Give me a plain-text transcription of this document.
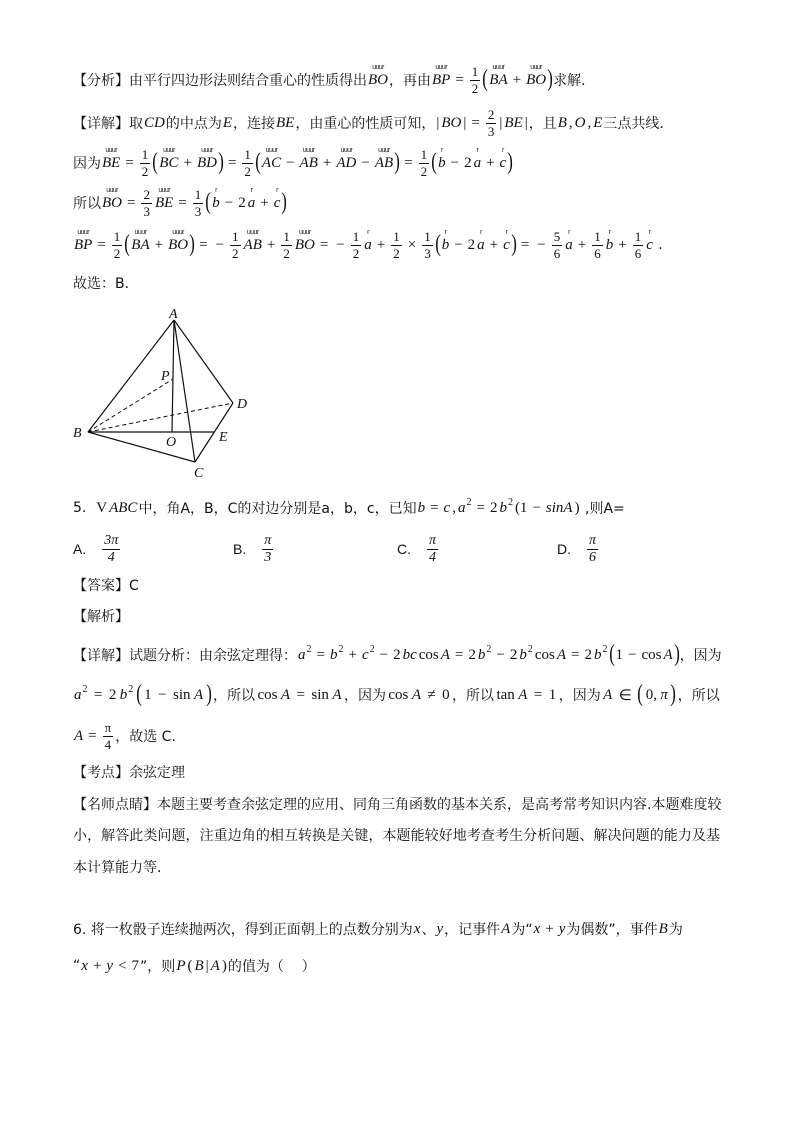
【分析】由平行四边形法则结合重心的性质得出
uuur
BO ，再由
uuur
BP = $\frac{1}{2}$ ( uuur
BA +
uuur
BO ) 求解.
【详解】取 CD 的中点为 E ，连接 BE ，由重心的性质可知， | BO | = $\frac{2}{3}$ | BE | ，且 B , O , E 三点共线.
因为
uuur
BE = $\frac{1}{2}$ ( uuur
BC +
uuur
BD ) = $\frac{1}{2}$ ( uuur
AC −
uuur
AB +
uuur
AD −
uuur
AB ) = $\frac{1}{2}$ ( r
b − 2
r
a +
r
c )
所以
uuur
BO = $\frac{2}{3}$ uuur
BE = $\frac{1}{3}$ ( r
b − 2
r
a +
r
c )
uuur
BP = $\frac{1}{2}$ ( uuur
BA +
uuur
BO ) = − $\frac{1}{2}$ uuur
AB + $\frac{1}{2}$ uuur
BO = − $\frac{1}{2}$ r
$a + \frac{1}{2} \times \frac{1}{3}$ ( r
b − 2
r
a +
r
c ) = − $\frac{5}{6}$ r
$a + \frac{1}{6}$ r
$b + \frac{1}{6}$ r
c .
故选：B.
A
P
D
B
O	E
C
5. V ABC 中，角A，B，C的对边分别是a，b，c，已知 b = c , a 2 = 2 b 2 (1 − sinA ) ,则A=
A. $\frac{3\pi}{4}$	B. $\frac{\pi}{3}$	C. $\frac{\pi}{4}$	D. $\frac{\pi}{6}$
【答案】C
【解析】
【详解】试题分析：由余弦定理得： a 2 = b 2 + c 2 − 2 bc cos A = 2 b 2 − 2 b 2 cos A = 2 b 2 ( 1 − cos A ) ，因为
a 2 = 2 b 2 ( 1 − sin A ) ，所以 cos A = sin A ，因为 cos A ≠ 0 ，所以 tan A = 1 ，因为 A ∈ ( 0, π ) ，所以
$A = \frac{\pi}{4}$ ，故选 C.
【考点】余弦定理
【名师点睛】本题主要考查余弦定理的应用、同角三角函数的基本关系，是高考常考知识内容.本题难度较
小，解答此类问题，注重边角的相互转换是关键，本题能较好地考查考生分析问题、解决问题的能力及基
本计算能力等.
6. 将一枚骰子连续抛两次，得到正面朝上的点数分别为 x 、 y ，记事件 A 为“ x + y 为偶数”，事件 B 为
“ x + y < 7 ”，则 P ( B | A ) 的值为（    ）
